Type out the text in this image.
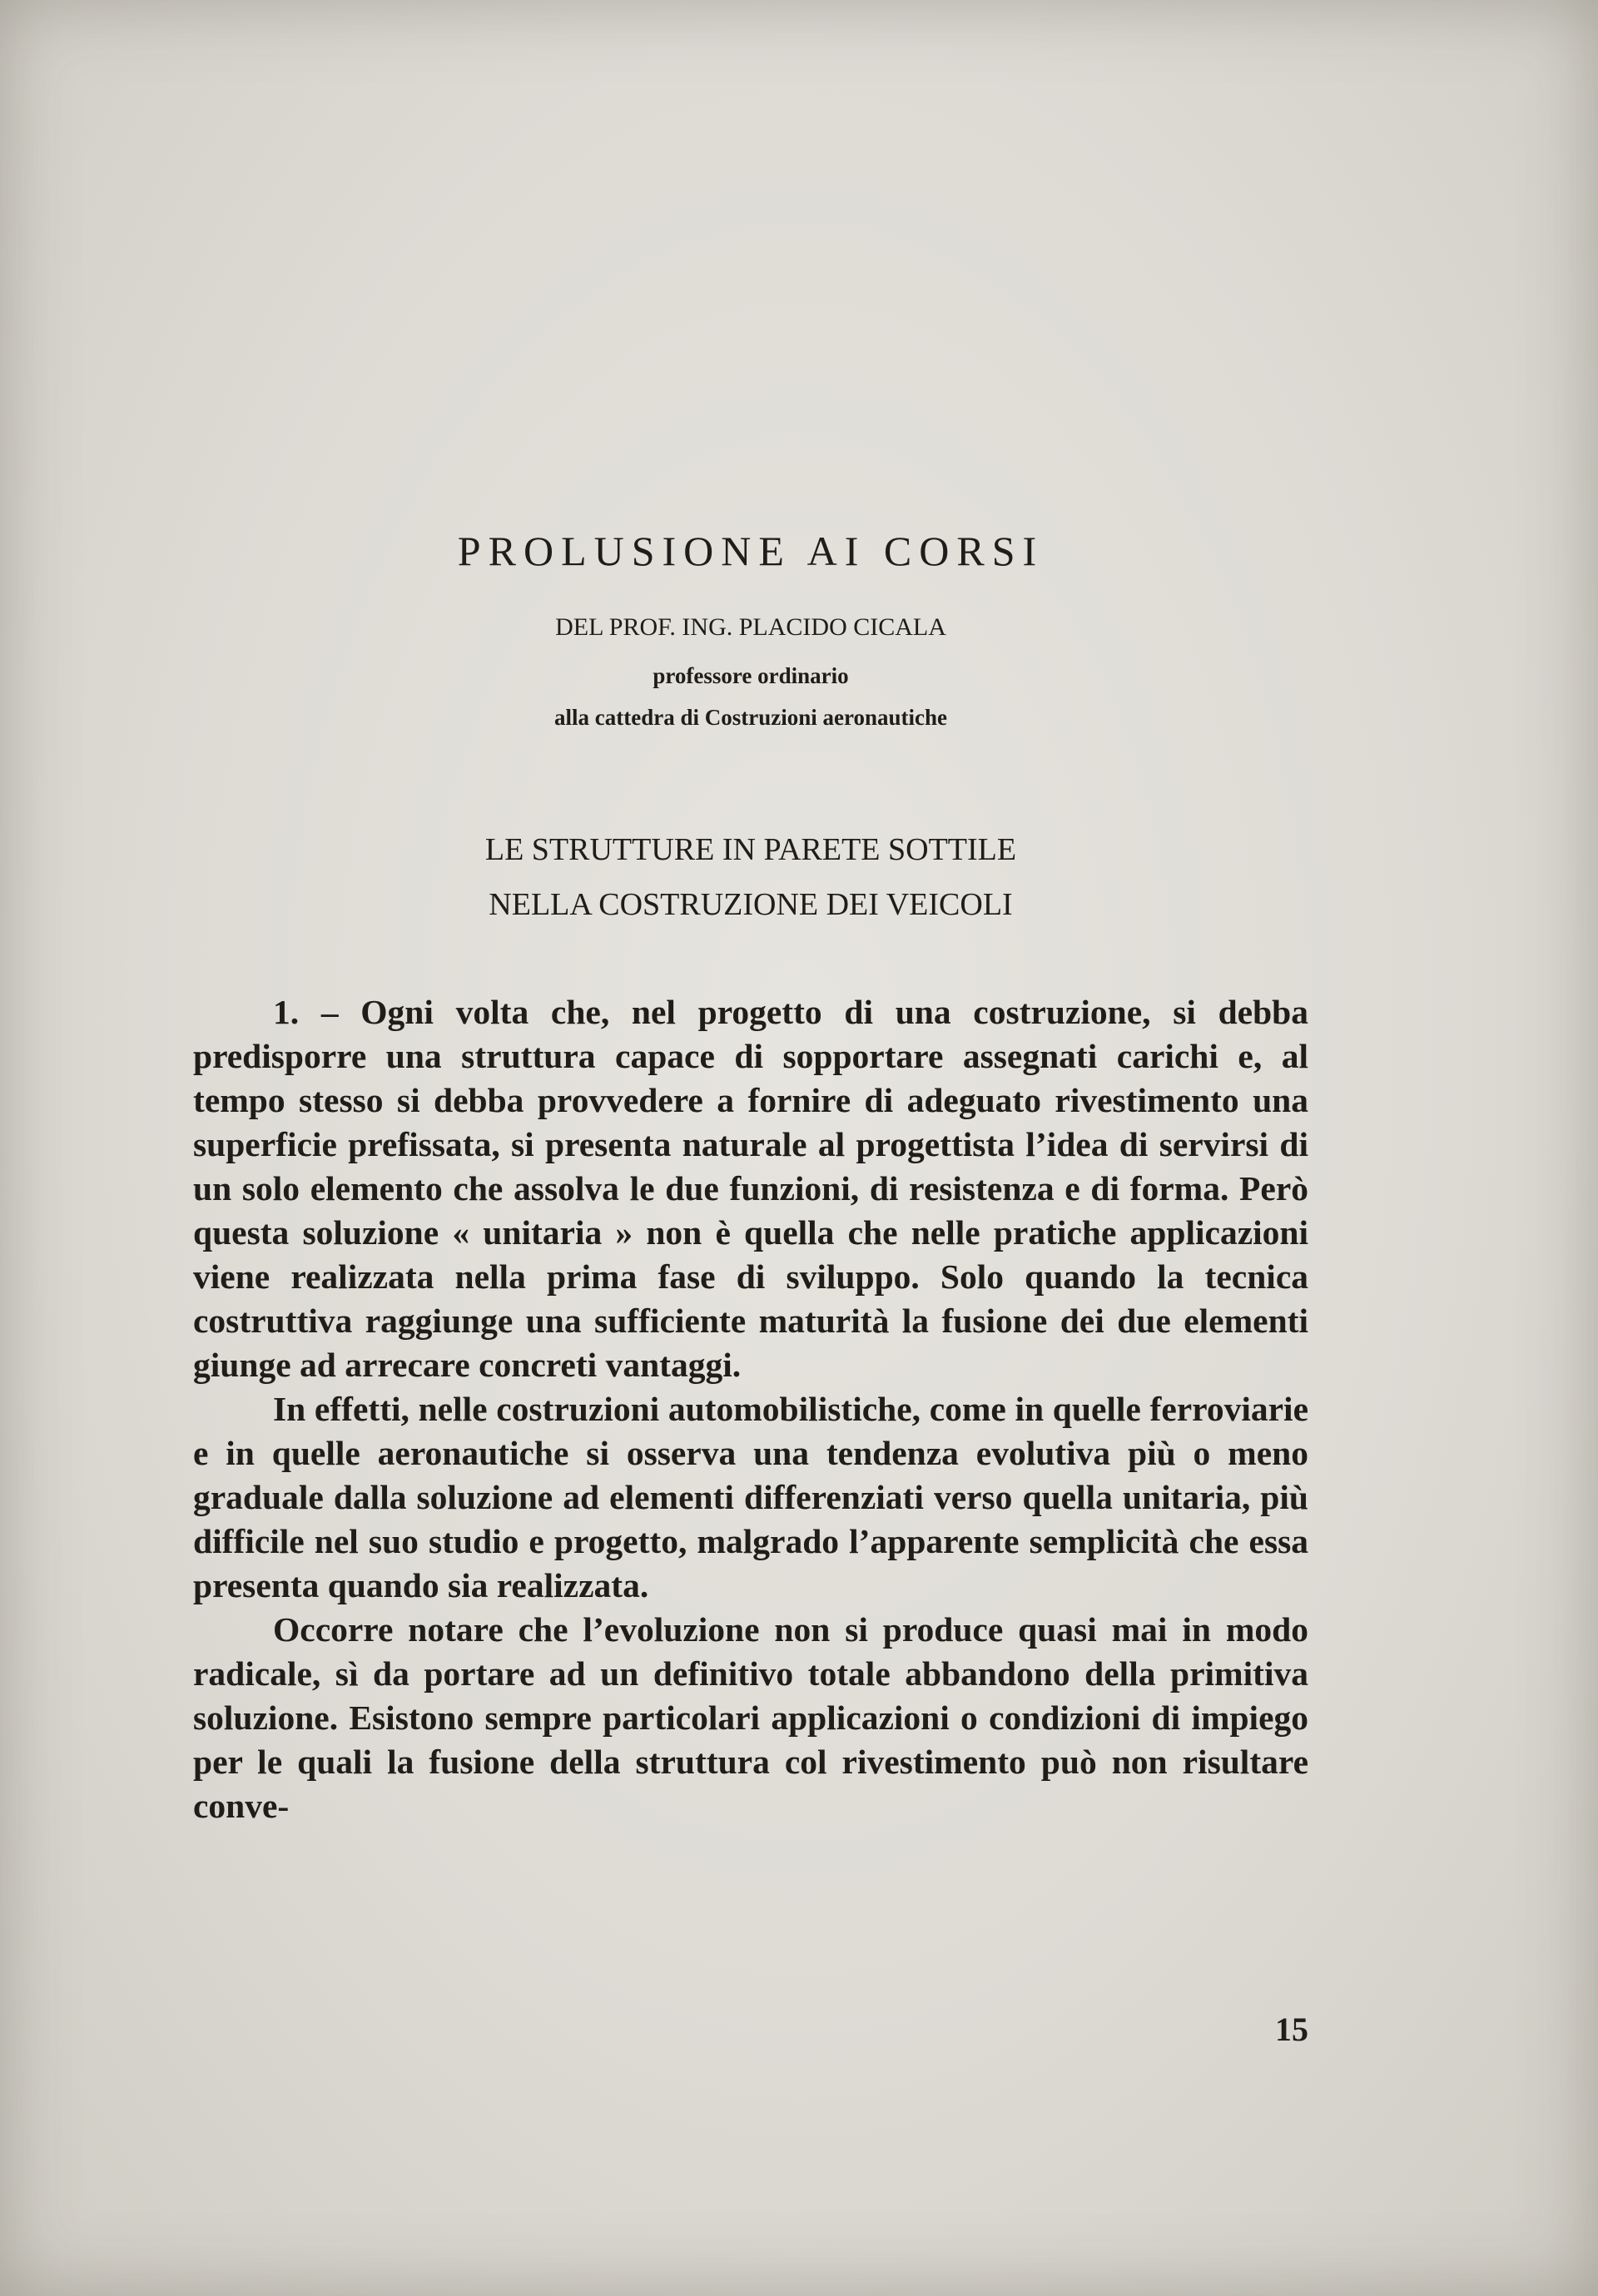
PROLUSIONE AI CORSI
DEL PROF. ING. PLACIDO CICALA
professore ordinario
alla cattedra di Costruzioni aeronautiche
LE STRUTTURE IN PARETE SOTTILE
NELLA COSTRUZIONE DEI VEICOLI

1. – Ogni volta che, nel progetto di una costruzione, si debba predisporre una struttura capace di sopportare assegnati carichi e, al tempo stesso si debba provvedere a fornire di adeguato rivestimento una superficie prefissata, si presenta naturale al progettista l’idea di servirsi di un solo elemento che assolva le due funzioni, di resistenza e di forma. Però questa soluzione « unitaria » non è quella che nelle pratiche applicazioni viene realizzata nella prima fase di sviluppo. Solo quando la tecnica costruttiva raggiunge una sufficiente maturità la fusione dei due elementi giunge ad arrecare concreti vantaggi.

In effetti, nelle costruzioni automobilistiche, come in quelle ferroviarie e in quelle aeronautiche si osserva una tendenza evolutiva più o meno graduale dalla soluzione ad elementi differenziati verso quella unitaria, più difficile nel suo studio e progetto, malgrado l’apparente semplicità che essa presenta quando sia realizzata.

Occorre notare che l’evoluzione non si produce quasi mai in modo radicale, sì da portare ad un definitivo totale abbandono della primitiva soluzione. Esistono sempre particolari applicazioni o condizioni di impiego per le quali la fusione della struttura col rivestimento può non risultare conve-

15
